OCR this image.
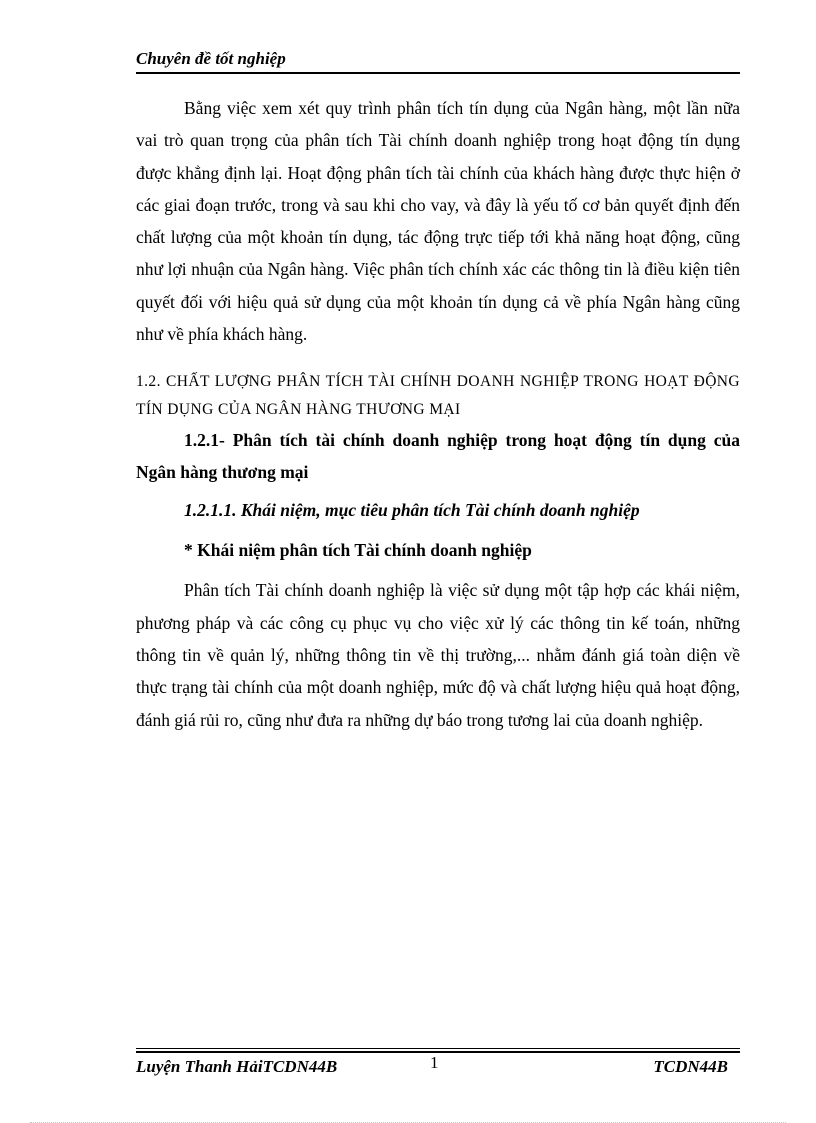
Chuyên đề tốt nghiệp

Bằng việc xem xét quy trình phân tích tín dụng của Ngân hàng, một lần nữa vai trò quan trọng của phân tích Tài chính doanh nghiệp trong hoạt động tín dụng được khẳng định lại. Hoạt động phân tích tài chính của khách hàng được thực hiện ở các giai đoạn trước, trong và sau khi cho vay, và đây là yếu tố cơ bản quyết định đến chất lượng của một khoản tín dụng, tác động trực tiếp tới khả năng hoạt động, cũng như lợi nhuận của Ngân hàng. Việc phân tích chính xác các thông tin là điều kiện tiên quyết đối với hiệu quả sử dụng của một khoản tín dụng cả về phía Ngân hàng cũng như về phía khách hàng.

1.2. CHẤT LƯỢNG PHÂN TÍCH TÀI CHÍNH DOANH NGHIỆP TRONG HOẠT ĐỘNG TÍN DỤNG CỦA NGÂN HÀNG THƯƠNG MẠI

1.2.1- Phân tích tài chính doanh nghiệp trong hoạt động tín dụng của Ngân hàng thương mại

1.2.1.1. Khái niệm, mục tiêu phân tích Tài chính doanh nghiệp

* Khái niệm phân tích Tài chính doanh nghiệp

Phân tích Tài chính doanh nghiệp là việc sử dụng một tập hợp các khái niệm, phương pháp và các công cụ phục vụ cho việc xử lý các thông tin kế toán, những thông tin về quản lý, những thông tin về thị trường,... nhằm đánh giá toàn diện về thực trạng tài chính của một doanh nghiệp, mức độ và chất lượng hiệu quả hoạt động, đánh giá rủi ro, cũng như đưa ra những dự báo trong tương lai của doanh nghiệp.

Luyện Thanh HảiTCDN44B	1	TCDN44B
